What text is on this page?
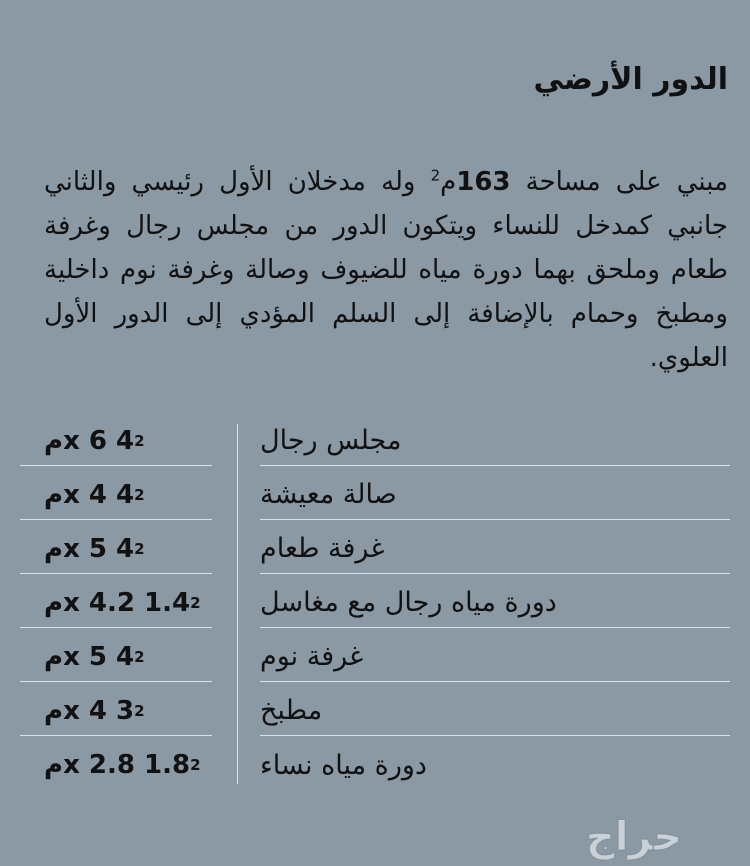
الدور الأرضي

مبني على مساحة 163م$^2$ وله مدخلان الأول رئيسي والثاني جانبي كمدخل للنساء ويتكون الدور من مجلس رجال وغرفة طعام وملحق بهما دورة مياه للضيوف وصالة وغرفة نوم داخلية ومطبخ وحمام بالإضافة إلى السلم المؤدي إلى الدور الأول العلوي.

مجلس رجال
4 x 6م 2
صالة معيشة
4 x 4م 2
غرفة طعام
4 x 5م 2
دورة مياه رجال مع مغاسل
1.4 x 4.2م 2
غرفة نوم
4 x 5م 2
مطبخ
3 x 4م 2
دورة مياه نساء
1.8 x 2.8م 2
حراج
